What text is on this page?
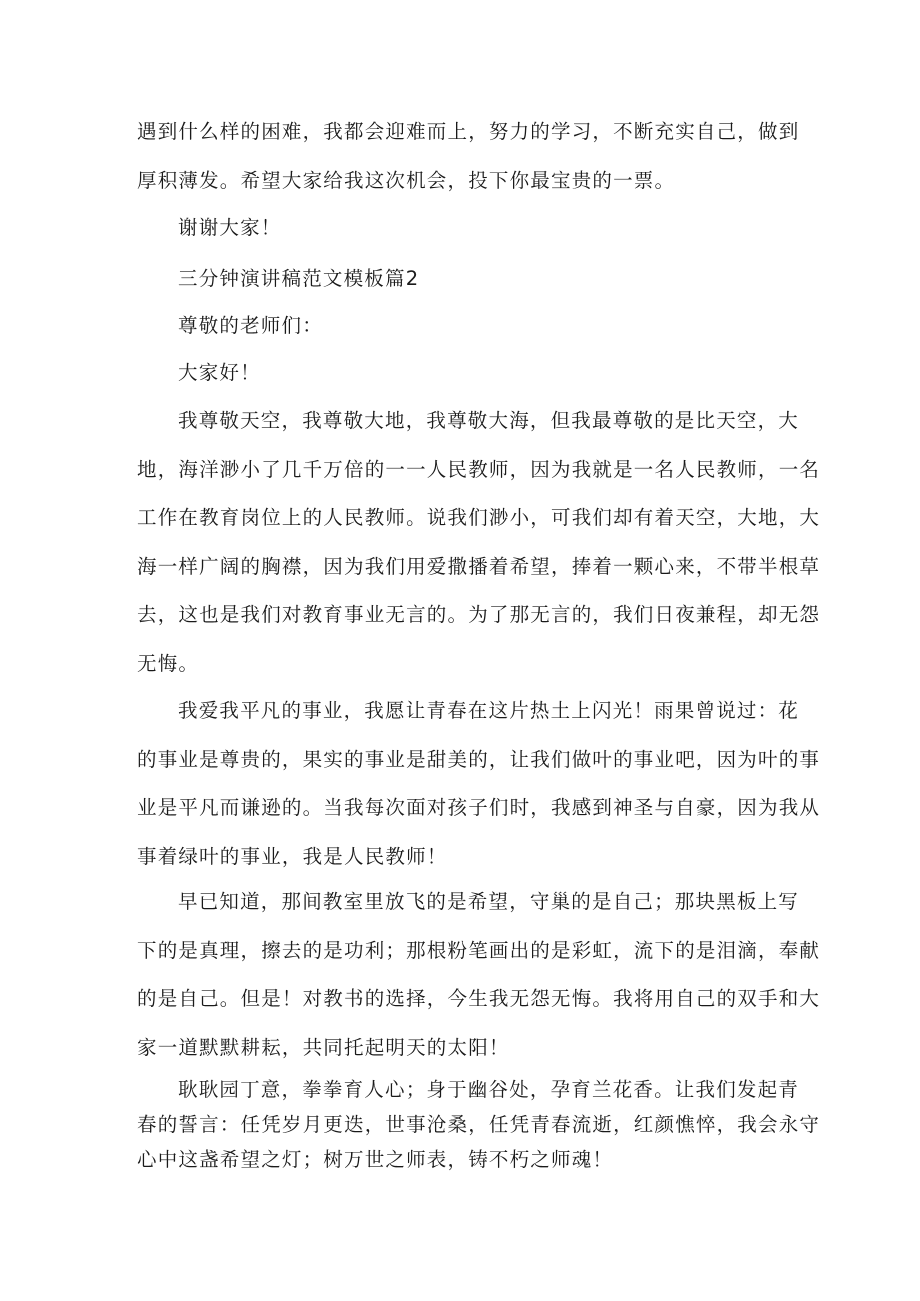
遇到什么样的困难，我都会迎难而上，努力的学习，不断充实自己，做到
厚积薄发。希望大家给我这次机会，投下你最宝贵的一票。
谢谢大家！
三分钟演讲稿范文模板篇2
尊敬的老师们：
大家好！
我尊敬天空，我尊敬大地，我尊敬大海，但我最尊敬的是比天空，大
地，海洋渺小了几千万倍的一一人民教师，因为我就是一名人民教师，一名
工作在教育岗位上的人民教师。说我们渺小，可我们却有着天空，大地，大
海一样广阔的胸襟，因为我们用爱撒播着希望，捧着一颗心来，不带半根草
去，这也是我们对教育事业无言的。为了那无言的，我们日夜兼程，却无怨
无悔。
我爱我平凡的事业，我愿让青春在这片热土上闪光！雨果曾说过：花
的事业是尊贵的，果实的事业是甜美的，让我们做叶的事业吧，因为叶的事
业是平凡而谦逊的。当我每次面对孩子们时，我感到神圣与自豪，因为我从
事着绿叶的事业，我是人民教师！
早已知道，那间教室里放飞的是希望，守巢的是自己；那块黑板上写
下的是真理，擦去的是功利；那根粉笔画出的是彩虹，流下的是泪滴，奉献
的是自己。但是！对教书的选择，今生我无怨无悔。我将用自己的双手和大
家一道默默耕耘，共同托起明天的太阳！
耿耿园丁意，拳拳育人心；身于幽谷处，孕育兰花香。让我们发起青
春的誓言：任凭岁月更迭，世事沧桑，任凭青春流逝，红颜憔悴，我会永守
心中这盏希望之灯；树万世之师表，铸不朽之师魂！
